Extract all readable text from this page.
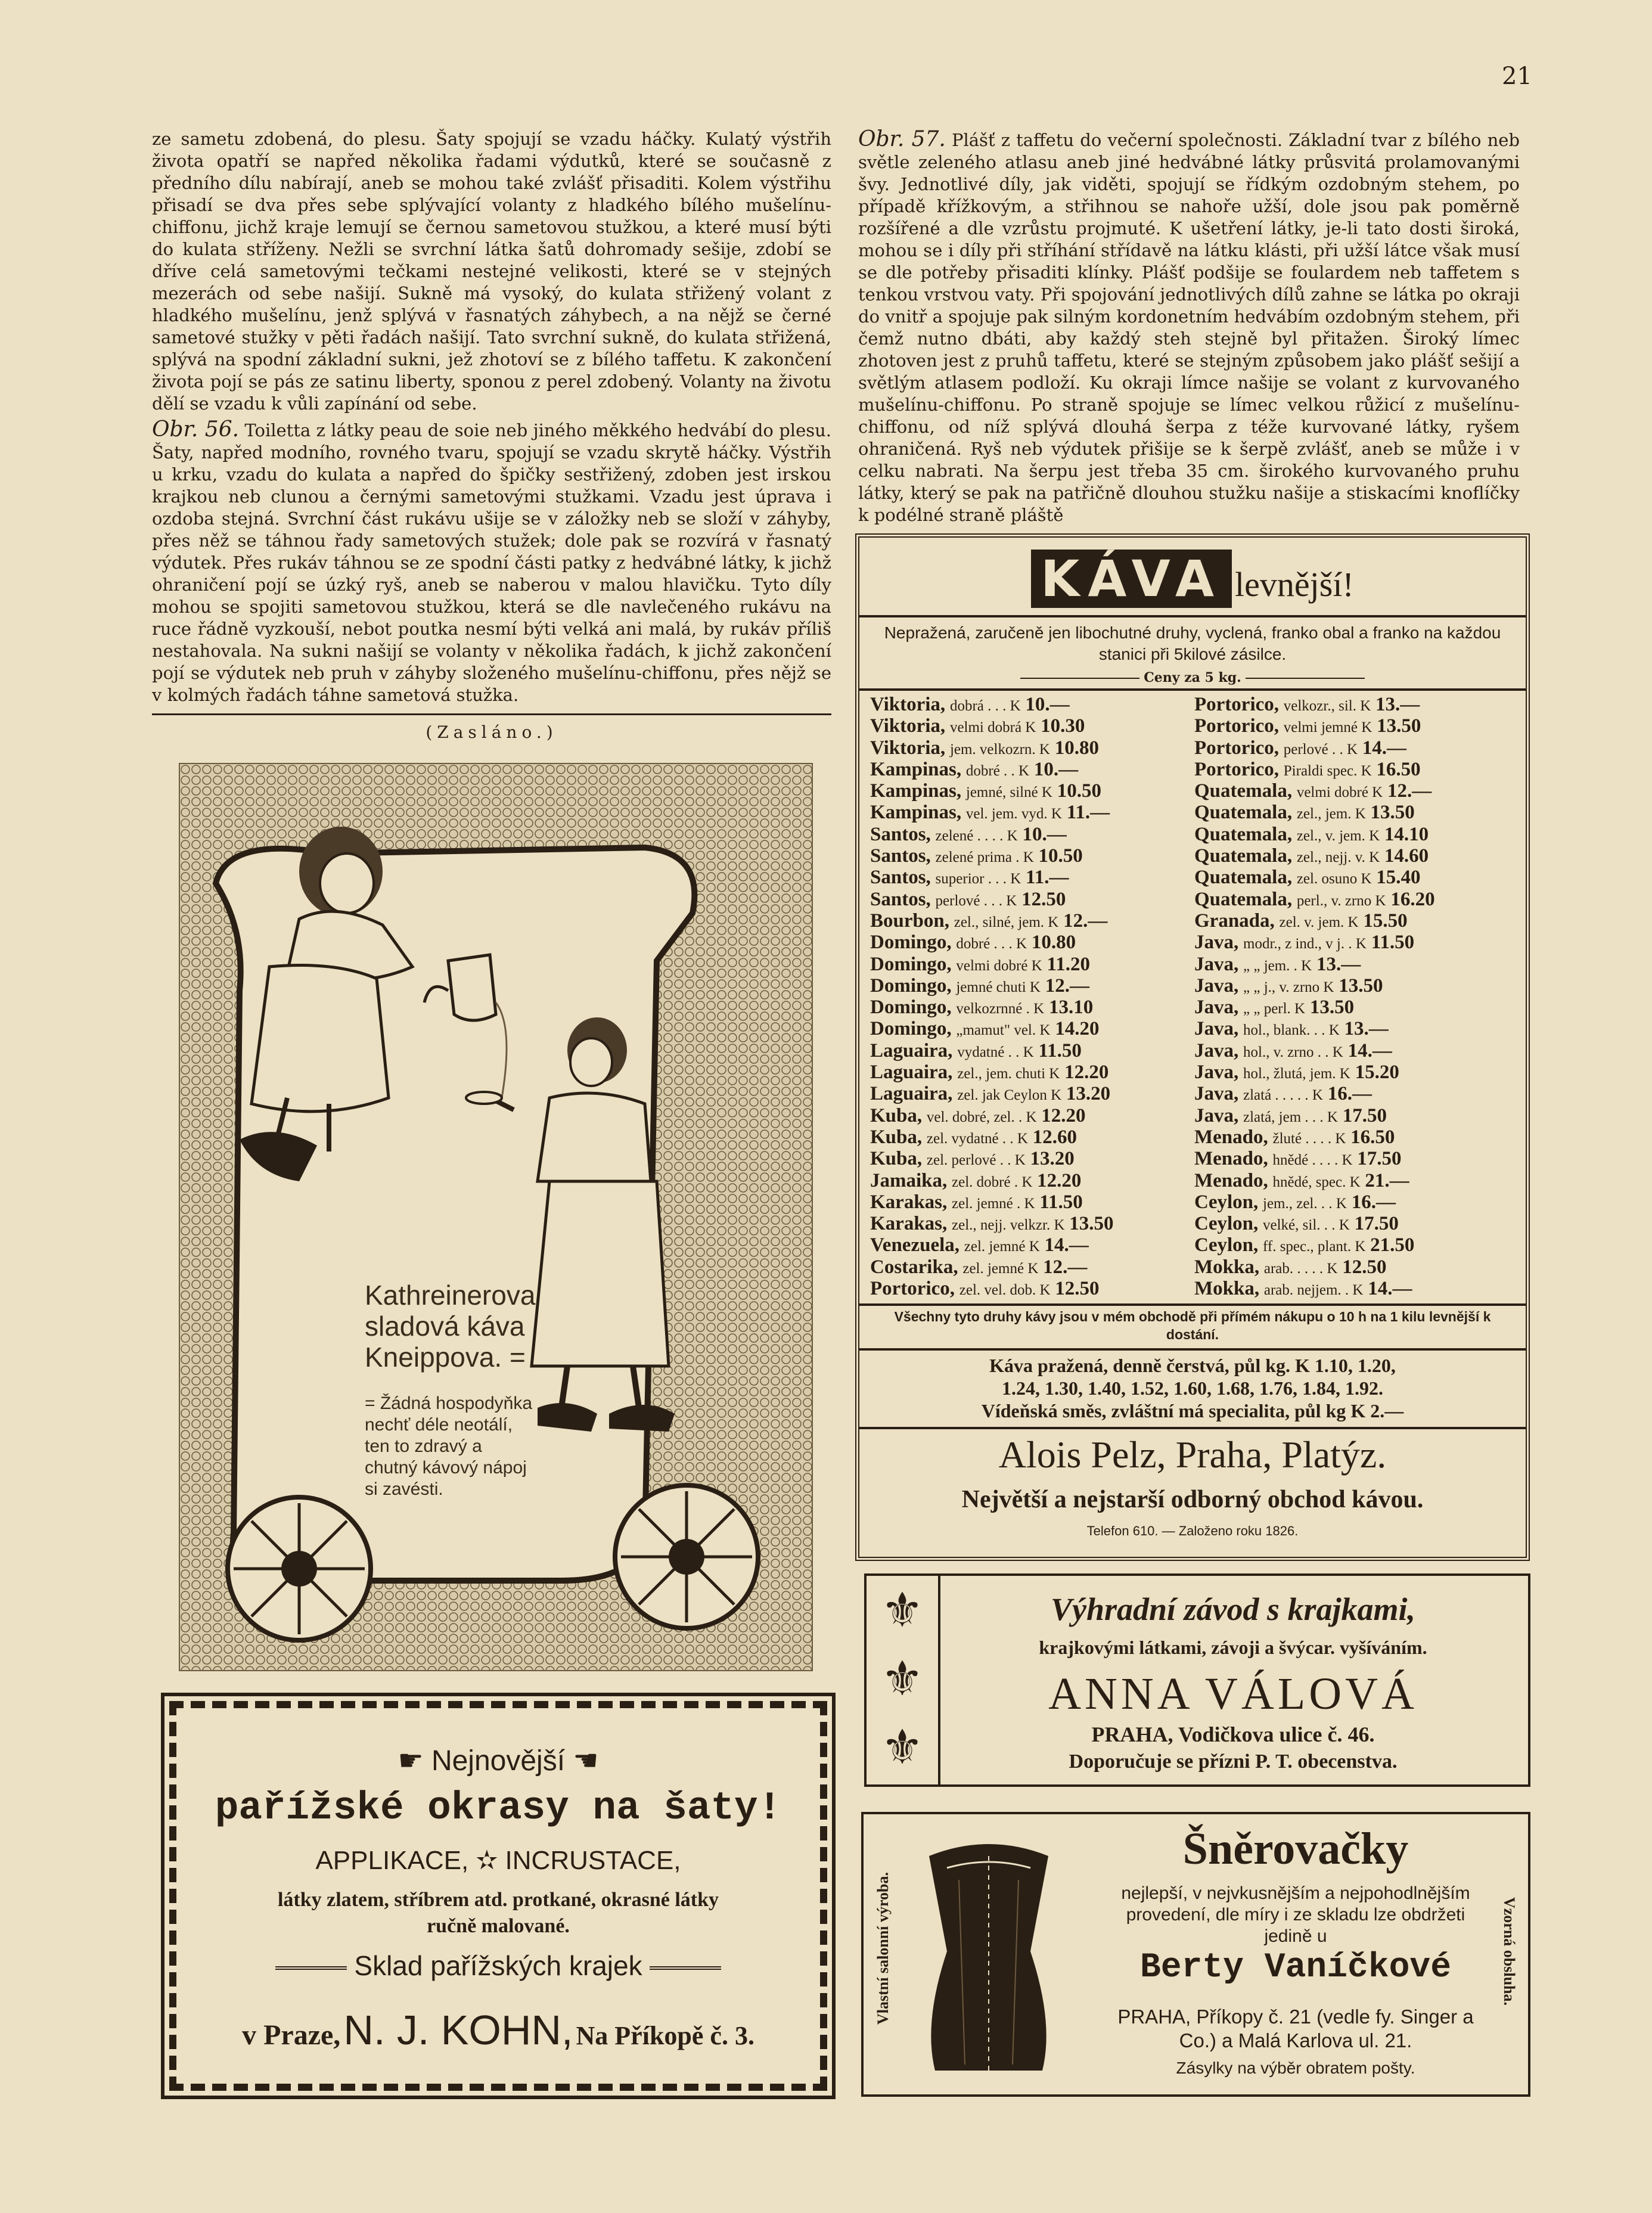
21

ze sametu zdobená, do plesu. Šaty spojují se vzadu háčky. Kulatý výstřih života opatří se napřed několika řadami výdutků, které se současně z předního dílu nabírají, aneb se mohou také zvlášť přisaditi. Kolem výstřihu přisadí se dva přes sebe splývající volanty z hladkého bílého mušelínu-chiffonu, jichž kraje lemují se černou sametovou stužkou, a které musí býti do kulata stříženy. Nežli se svrchní látka šatů dohromady sešije, zdobí se dříve celá sametovými tečkami nestejné velikosti, které se v stejných mezerách od sebe našijí. Sukně má vysoký, do kulata střižený volant z hladkého mušelínu, jenž splývá v řasnatých záhybech, a na nějž se černé sametové stužky v pěti řadách našijí. Tato svrchní sukně, do kulata střižená, splývá na spodní základní sukni, jež zhotoví se z bílého taffetu. K zakončení života pojí se pás ze satinu liberty, sponou z perel zdobený. Volanty na životu dělí se vzadu k vůli zapínání od sebe.

Obr. 56. Toiletta z látky peau de soie neb jiného měkkého hedvábí do plesu. Šaty, napřed modního, rovného tvaru, spojují se vzadu skrytě háčky. Výstřih u krku, vzadu do kulata a napřed do špičky sestřižený, zdoben jest irskou krajkou neb clunou a černými sametovými stužkami. Vzadu jest úprava i ozdoba stejná. Svrchní část rukávu ušije se v záložky neb se složí v záhyby, přes něž se táhnou řady sametových stužek; dole pak se rozvírá v řasnatý výdutek. Přes rukáv táhnou se ze spodní části patky z hedvábné látky, k jichž ohraničení pojí se úzký ryš, aneb se naberou v malou hlavičku. Tyto díly mohou se spojiti sametovou stužkou, která se dle navlečeného rukávu na ruce řádně vyzkouší, nebot poutka nesmí býti velká ani malá, by rukáv příliš nestahovala. Na sukni našijí se volanty v několika řadách, k jichž zakončení pojí se výdutek neb pruh v záhyby složeného mušelínu-chiffonu, přes nějž se v kolmých řadách táhne sametová stužka.

(Zasláno.)
Kathreinerova
sladová káva
Kneippova. =
= Žádná hospodyňka nechť déle neotálí, ten to zdravý a chutný kávový nápoj si zavésti.
☛ Nejnovější ☚
pařížské okrasy na šaty!
APPLIKACE, ✫ INCRUSTACE,
látky zlatem, stříbrem atd. protkané, okrasné látky ručně malované.
Sklad pařížských krajek
v Praze, N. J. KOHN, Na Příkopě č. 3.

Obr. 57. Plášť z taffetu do večerní společnosti. Základní tvar z bílého neb světle zeleného atlasu aneb jiné hedvábné látky průsvitá prolamovanými švy. Jednotlivé díly, jak viděti, spojují se řídkým ozdobným stehem, po případě křížkovým, a střihnou se nahoře užší, dole jsou pak poměrně rozšířené a dle vzrůstu projmuté. K ušetření látky, je-li tato dosti široká, mohou se i díly při stříhání střídavě na látku klásti, při užší látce však musí se dle potřeby přisaditi klínky. Plášť podšije se foulardem neb taffetem s tenkou vrstvou vaty. Při spojování jednotlivých dílů zahne se látka po okraji do vnitř a spojuje pak silným kordonetním hedvábím ozdobným stehem, při čemž nutno dbáti, aby každý steh stejně byl přitažen. Široký límec zhotoven jest z pruhů taffetu, které se stejným způsobem jako plášť sešijí a světlým atlasem podloží. Ku okraji límce našije se volant z kurvovaného mušelínu-chiffonu. Po straně spojuje se límec velkou růžicí z mušelínu-chiffonu, od níž splývá dlouhá šerpa z téže kurvované látky, ryšem ohraničená. Ryš neb výdutek přišije se k šerpě zvlášť, aneb se může i v celku nabrati. Na šerpu jest třeba 35 cm. širokého kurvovaného pruhu látky, který se pak na patřičně dlouhou stužku našije a stiskacími knoflíčky k podélné straně pláště

KÁVA levnější!
Nepražená, zaručeně jen libochutné druhy, vyclená, franko obal a franko na každou stanici při 5kilové zásilce.
Ceny za 5 kg.
Viktoria, dobrá . . . K 10.—
Viktoria, velmi dobrá K 10.30
Viktoria, jem. velkozrn. K 10.80
Kampinas, dobré . . K 10.—
Kampinas, jemné, silné K 10.50
Kampinas, vel. jem. vyd. K 11.—
Santos, zelené . . . . K 10.—
Santos, zelené prima . K 10.50
Santos, superior . . . K 11.—
Santos, perlové . . . K 12.50
Bourbon, zel., silné, jem. K 12.—
Domingo, dobré . . . K 10.80
Domingo, velmi dobré K 11.20
Domingo, jemné chuti K 12.—
Domingo, velkozrnné . K 13.10
Domingo, „mamut" vel. K 14.20
Laguaira, vydatné . . K 11.50
Laguaira, zel., jem. chuti K 12.20
Laguaira, zel. jak Ceylon K 13.20
Kuba, vel. dobré, zel. . K 12.20
Kuba, zel. vydatné . . K 12.60
Kuba, zel. perlové . . K 13.20
Jamaika, zel. dobré . K 12.20
Karakas, zel. jemné . K 11.50
Karakas, zel., nejj. velkzr. K 13.50
Venezuela, zel. jemné K 14.—
Costarika, zel. jemné K 12.—
Portorico, zel. vel. dob. K 12.50
Portorico, velkozr., sil. K 13.—
Portorico, velmi jemné K 13.50
Portorico, perlové . . K 14.—
Portorico, Piraldi spec. K 16.50
Quatemala, velmi dobré K 12.—
Quatemala, zel., jem. K 13.50
Quatemala, zel., v. jem. K 14.10
Quatemala, zel., nejj. v. K 14.60
Quatemala, zel. osuno K 15.40
Quatemala, perl., v. zrno K 16.20
Granada, zel. v. jem. K 15.50
Java, modr., z ind., v j. . K 11.50
Java, „ „ jem. . K 13.—
Java, „ „ j., v. zrno K 13.50
Java, „ „ perl. K 13.50
Java, hol., blank. . . K 13.—
Java, hol., v. zrno . . K 14.—
Java, hol., žlutá, jem. K 15.20
Java, zlatá . . . . . K 16.—
Java, zlatá, jem . . . K 17.50
Menado, žluté . . . . K 16.50
Menado, hnědé . . . . K 17.50
Menado, hnědé, spec. K 21.—
Ceylon, jem., zel. . . K 16.—
Ceylon, velké, sil. . . K 17.50
Ceylon, ff. spec., plant. K 21.50
Mokka, arab. . . . . K 12.50
Mokka, arab. nejjem. . K 14.—
Všechny tyto druhy kávy jsou v mém obchodě při přímém nákupu o 10 h na 1 kilu levnější k dostání.
Káva pražená, denně čerstvá, půl kg. K 1.10, 1.20,
1.24, 1.30, 1.40, 1.52, 1.60, 1.68, 1.76, 1.84, 1.92.
Vídeňská směs, zvláštní má specialita, půl kg K 2.—
Alois Pelz, Praha, Platýz.
Největší a nejstarší odborný obchod kávou.
Telefon 610. — Založeno roku 1826.
⚜
⚜
⚜
Výhradní závod s krajkami,
krajkovými látkami, závoji a švýcar. vyšíváním.
ANNA VÁLOVÁ
PRAHA, Vodičkova ulice č. 46.
Doporučuje se přízni P. T. obecenstva.
Vlastní salonní výroba.	Vzorná obsluha.
Šněrovačky
nejlepší, v nejvkusnějším a nejpohodlnějším provedení, dle míry i ze skladu lze obdržeti jedině u
Berty Vaníčkové
PRAHA, Příkopy č. 21 (vedle fy. Singer a Co.) a Malá Karlova ul. 21.
Zásylky na výběr obratem pošty.
